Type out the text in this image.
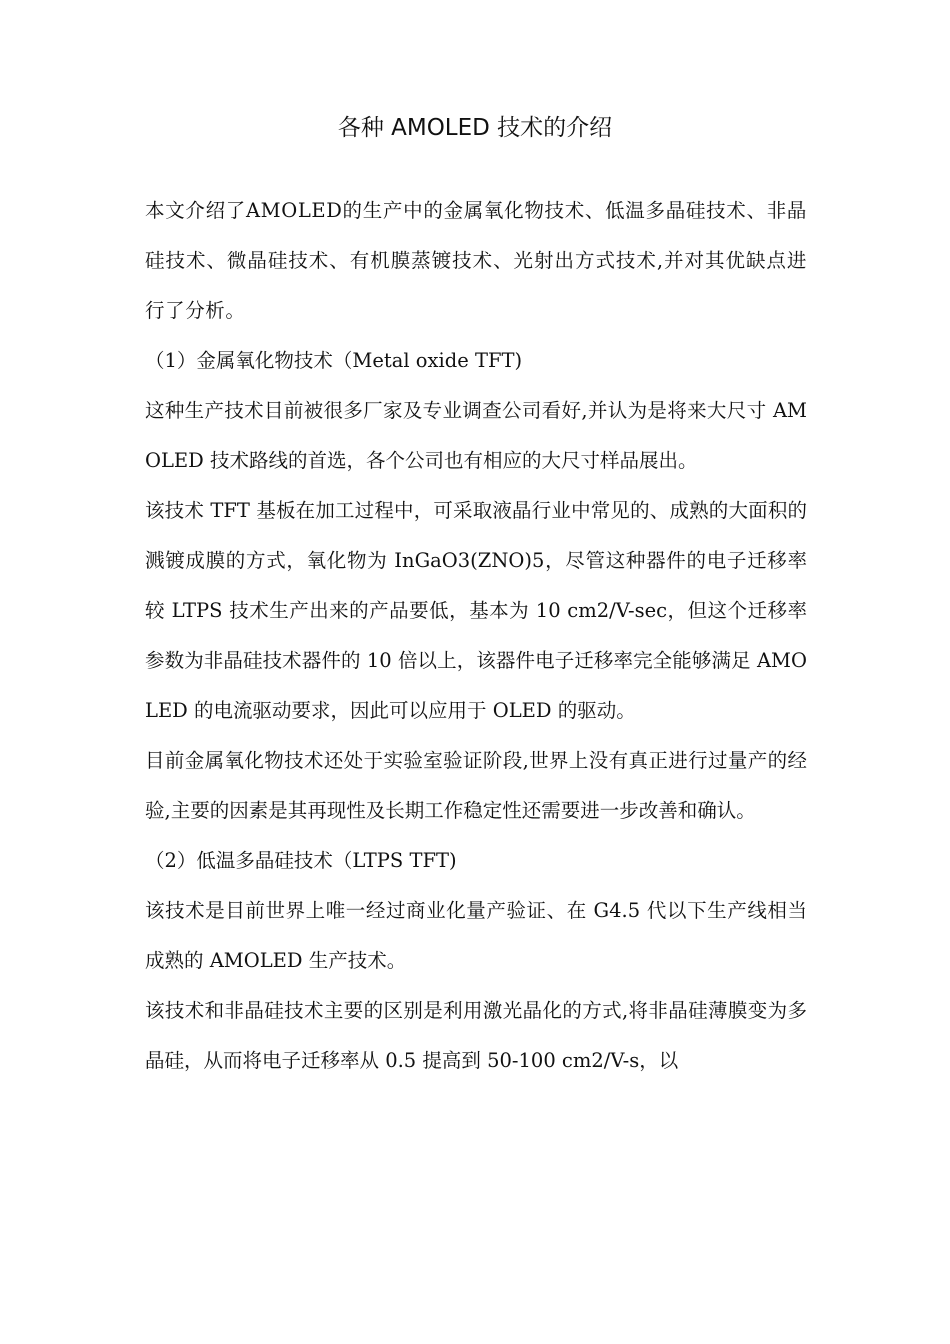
各种 AMOLED 技术的介绍

本文介绍了AMOLED的生产中的金属氧化物技术、低温多晶硅技术、非晶硅技术、微晶硅技术、有机膜蒸镀技术、光射出方式技术,并对其优缺点进行了分析。

（1）金属氧化物技术（Metal oxide TFT)

这种生产技术目前被很多厂家及专业调查公司看好,并认为是将来大尺寸 AMOLED 技术路线的首选，各个公司也有相应的大尺寸样品展出。

该技术 TFT 基板在加工过程中，可采取液晶行业中常见的、成熟的大面积的溅镀成膜的方式，氧化物为 InGaO3(ZNO)5，尽管这种器件的电子迁移率较 LTPS 技术生产出来的产品要低，基本为 10 cm2/V-sec，但这个迁移率参数为非晶硅技术器件的 10 倍以上，该器件电子迁移率完全能够满足 AMOLED 的电流驱动要求，因此可以应用于 OLED 的驱动。

目前金属氧化物技术还处于实验室验证阶段,世界上没有真正进行过量产的经验,主要的因素是其再现性及长期工作稳定性还需要进一步改善和确认。

（2）低温多晶硅技术（LTPS TFT)

该技术是目前世界上唯一经过商业化量产验证、在 G4.5 代以下生产线相当成熟的 AMOLED 生产技术。

该技术和非晶硅技术主要的区别是利用激光晶化的方式,将非晶硅薄膜变为多晶硅，从而将电子迁移率从 0.5 提高到 50-100 cm2/V-s，以
